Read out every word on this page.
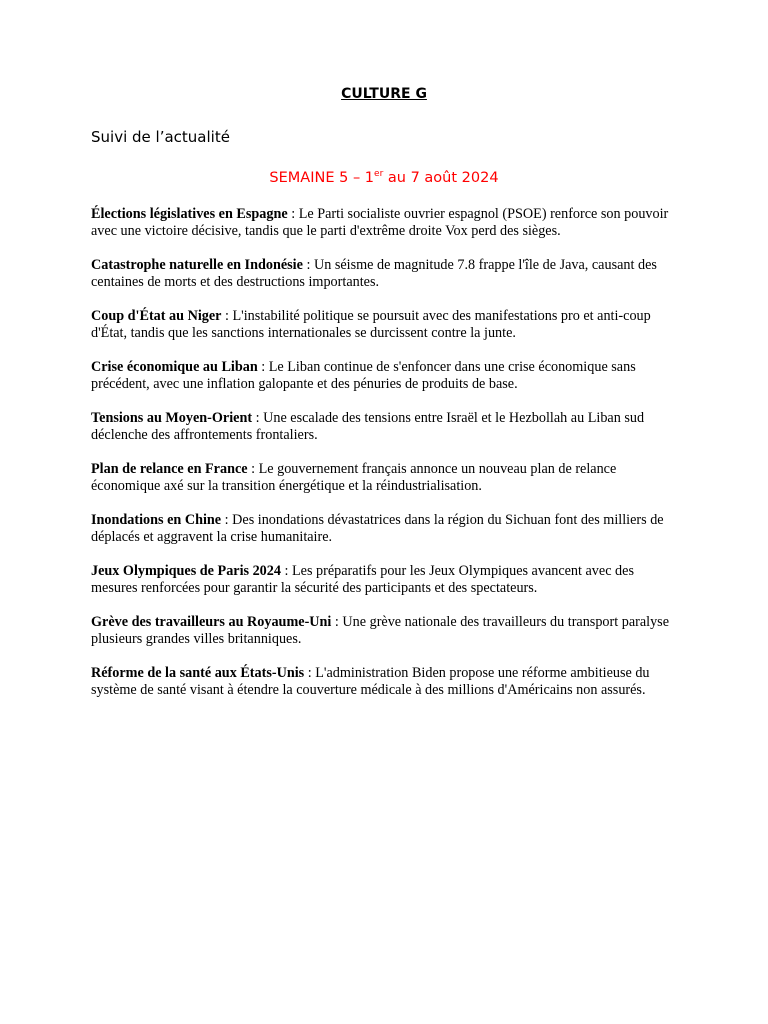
CULTURE G

Suivi de l’actualité

SEMAINE 5 – 1er au 7 août 2024

Élections législatives en Espagne : Le Parti socialiste ouvrier espagnol (PSOE) renforce son pouvoir avec une victoire décisive, tandis que le parti d'extrême droite Vox perd des sièges.

Catastrophe naturelle en Indonésie : Un séisme de magnitude 7.8 frappe l'île de Java, causant des centaines de morts et des destructions importantes.

Coup d'État au Niger : L'instabilité politique se poursuit avec des manifestations pro et anti-coup d'État, tandis que les sanctions internationales se durcissent contre la junte.

Crise économique au Liban : Le Liban continue de s'enfoncer dans une crise économique sans précédent, avec une inflation galopante et des pénuries de produits de base.

Tensions au Moyen-Orient : Une escalade des tensions entre Israël et le Hezbollah au Liban sud déclenche des affrontements frontaliers.

Plan de relance en France : Le gouvernement français annonce un nouveau plan de relance économique axé sur la transition énergétique et la réindustrialisation.

Inondations en Chine : Des inondations dévastatrices dans la région du Sichuan font des milliers de déplacés et aggravent la crise humanitaire.

Jeux Olympiques de Paris 2024 : Les préparatifs pour les Jeux Olympiques avancent avec des mesures renforcées pour garantir la sécurité des participants et des spectateurs.

Grève des travailleurs au Royaume-Uni : Une grève nationale des travailleurs du transport paralyse plusieurs grandes villes britanniques.

Réforme de la santé aux États-Unis : L'administration Biden propose une réforme ambitieuse du système de santé visant à étendre la couverture médicale à des millions d'Américains non assurés.
